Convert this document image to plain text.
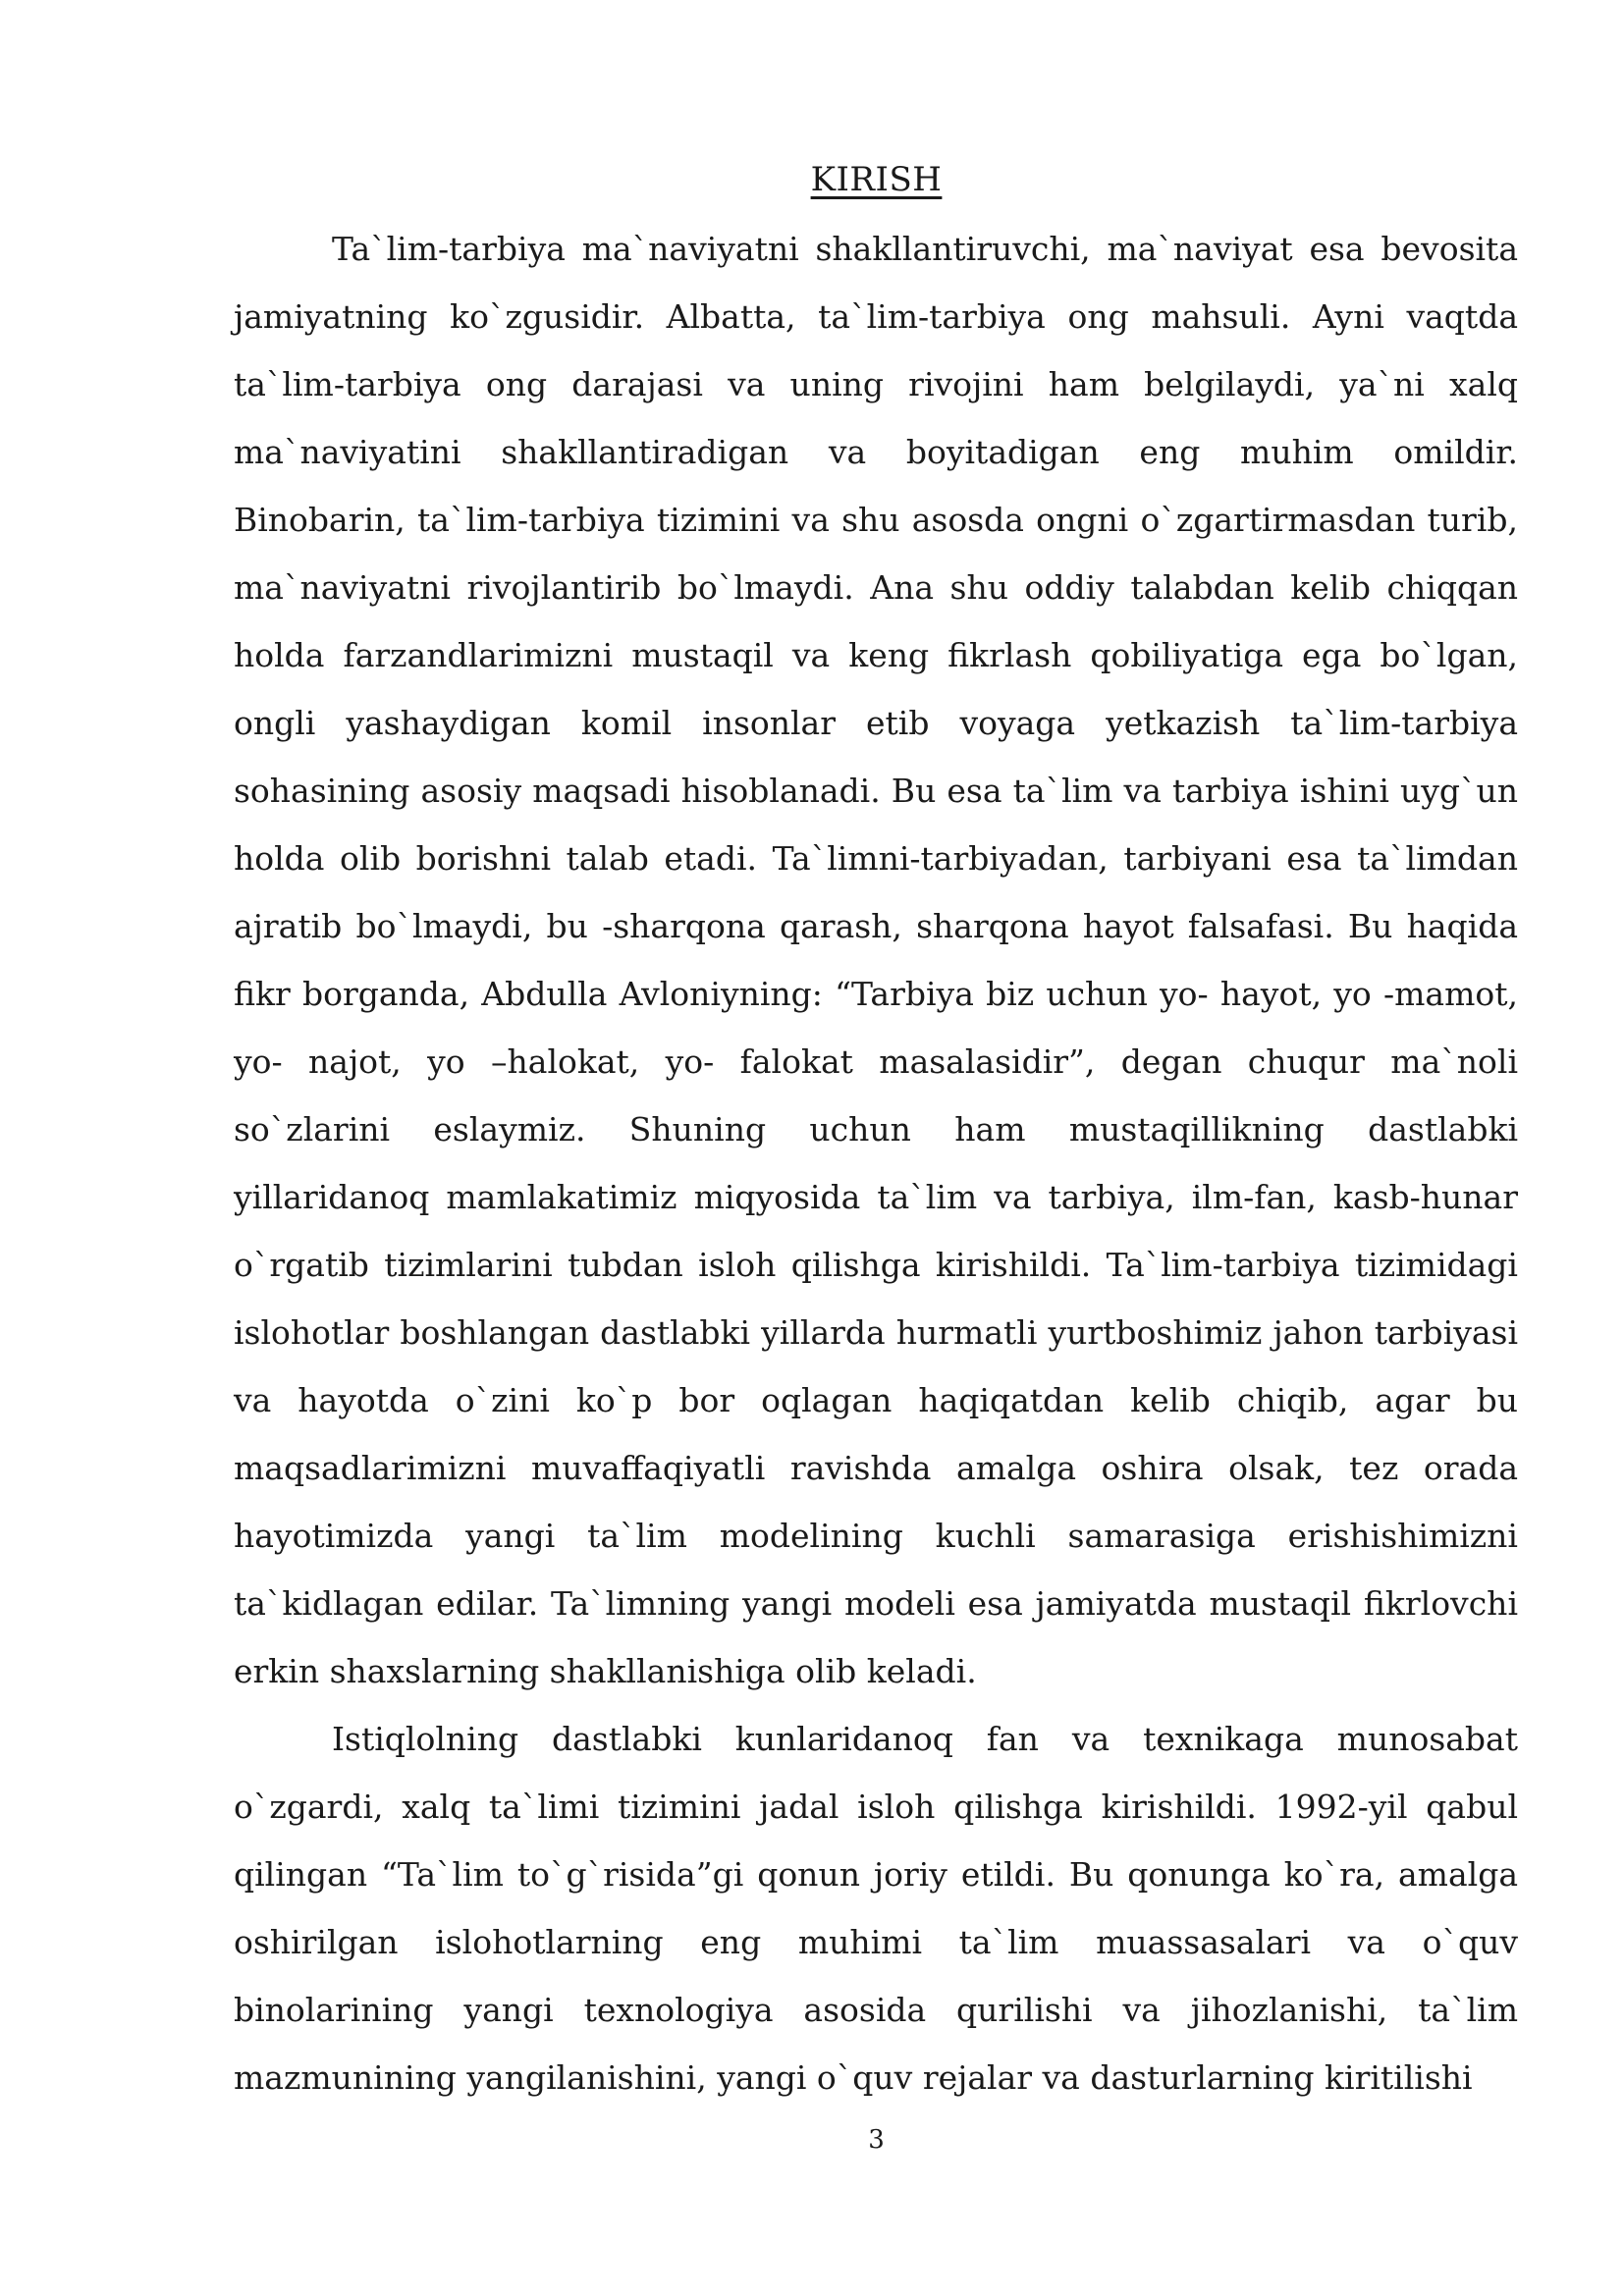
KIRISH

Ta`lim-tarbiya ma`naviyatni shakllantiruvchi, ma`naviyat esa bevosita jamiyatning ko`zgusidir. Albatta, ta`lim-tarbiya ong mahsuli. Ayni vaqtda ta`lim-tarbiya ong darajasi va uning rivojini ham belgilaydi, ya`ni xalq ma`naviyatini shakllantiradigan va boyitadigan eng muhim omildir. Binobarin, ta`lim-tarbiya tizimini va shu asosda ongni o`zgartirmasdan turib, ma`naviyatni rivojlantirib bo`lmaydi. Ana shu oddiy talabdan kelib chiqqan holda farzandlarimizni mustaqil va keng fikrlash qobiliyatiga ega bo`lgan, ongli yashaydigan komil insonlar etib voyaga yetkazish ta`lim-tarbiya sohasining asosiy maqsadi hisoblanadi. Bu esa ta`lim va tarbiya ishini uyg`un holda olib borishni talab etadi. Ta`limni-tarbiyadan, tarbiyani esa ta`limdan ajratib bo`lmaydi, bu -sharqona qarash, sharqona hayot falsafasi. Bu haqida fikr borganda, Abdulla Avloniyning: “Tarbiya biz uchun yo- hayot, yo -mamot, yo- najot, yo –halokat, yo- falokat masalasidir”, degan chuqur ma`noli so`zlarini eslaymiz. Shuning uchun ham mustaqillikning dastlabki yillaridanoq mamlakatimiz miqyosida ta`lim va tarbiya, ilm-fan, kasb-hunar o`rgatib tizimlarini tubdan isloh qilishga kirishildi. Ta`lim-tarbiya tizimidagi islohotlar boshlangan dastlabki yillarda hurmatli yurtboshimiz jahon tarbiyasi va hayotda o`zini ko`p bor oqlagan haqiqatdan kelib chiqib, agar bu maqsadlarimizni muvaffaqiyatli ravishda amalga oshira olsak, tez orada hayotimizda yangi ta`lim modelining kuchli samarasiga erishishimizni ta`kidlagan edilar. Ta`limning yangi modeli esa jamiyatda mustaqil fikrlovchi erkin shaxslarning shakllanishiga olib keladi.

Istiqlolning dastlabki kunlaridanoq fan va texnikaga munosabat o`zgardi, xalq ta`limi tizimini jadal isloh qilishga kirishildi. 1992-yil qabul qilingan “Ta`lim to`g`risida”gi qonun joriy etildi. Bu qonunga ko`ra, amalga oshirilgan islohotlarning eng muhimi ta`lim muassasalari va o`quv binolarining yangi texnologiya asosida qurilishi va jihozlanishi, ta`lim mazmunining yangilanishini, yangi o`quv rejalar va dasturlarning kiritilishi

3
